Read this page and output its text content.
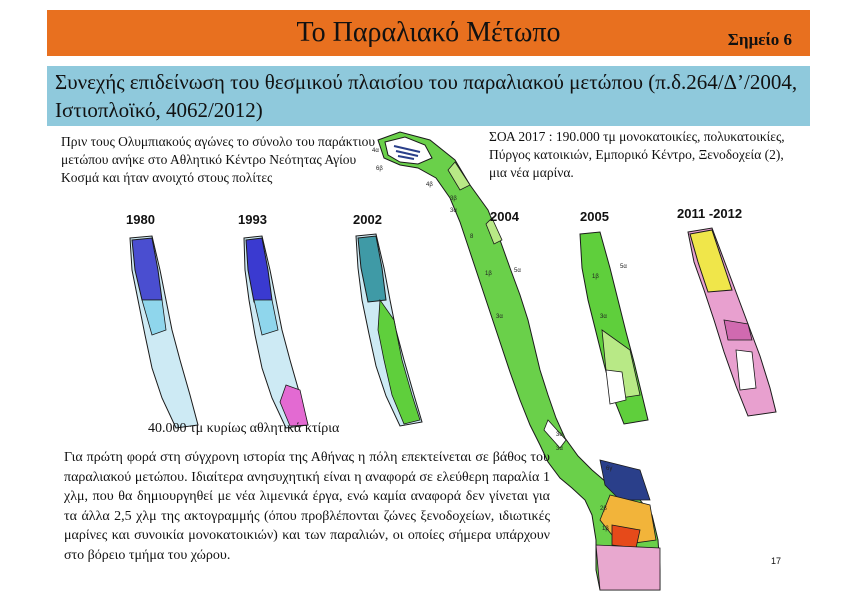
Το Παραλιακό Μέτωπο	Σημείο 6
Συνεχής επιδείνωση του θεσμικού πλαισίου του παραλιακού μετώπου (π.δ.264/Δ’/2004, Ιστιοπλοϊκό, 4062/2012)
Πριν τους Ολυμπιακούς αγώνες το σύνολο του παράκτιου μετώπου ανήκε στο Αθλητικό Κέντρο Νεότητας Αγίου Κοσμά και ήταν ανοιχτό στους πολίτες
ΣΟΑ 2017 : 190.000 τμ μονοκατοικίες, πολυκατοικίες, Πύργος κατοικιών, Εμπορικό Κέντρο, Ξενοδοχεία (2), μια νέα μαρίνα.
4α
6β
4β
3β
3α
8
1β	5α
3α
3α
3α
6γ
2β
1β
1β
5α
3α
1980	1993	2002	2004	2005	2011 -2012
40.000 τμ κυρίως αθλητικά κτίρια
Για πρώτη φορά στη σύγχρονη ιστορία της Αθήνας η πόλη επεκτείνεται σε βάθος του παραλιακού μετώπου. Ιδιαίτερα ανησυχητική είναι η αναφορά σε ελεύθερη παραλία 1 χλμ, που θα δημιουργηθεί με νέα λιμενικά έργα, ενώ καμία αναφορά δεν γίνεται για τα άλλα 2,5 χλμ της ακτογραμμής (όπου προβλέπονται ζώνες ξενοδοχείων, ιδιωτικές μαρίνες και συνοικία μονοκατοικιών) και των παραλιών, οι οποίες σήμερα υπάρχουν στο βόρειο τμήμα του χώρου.	17
